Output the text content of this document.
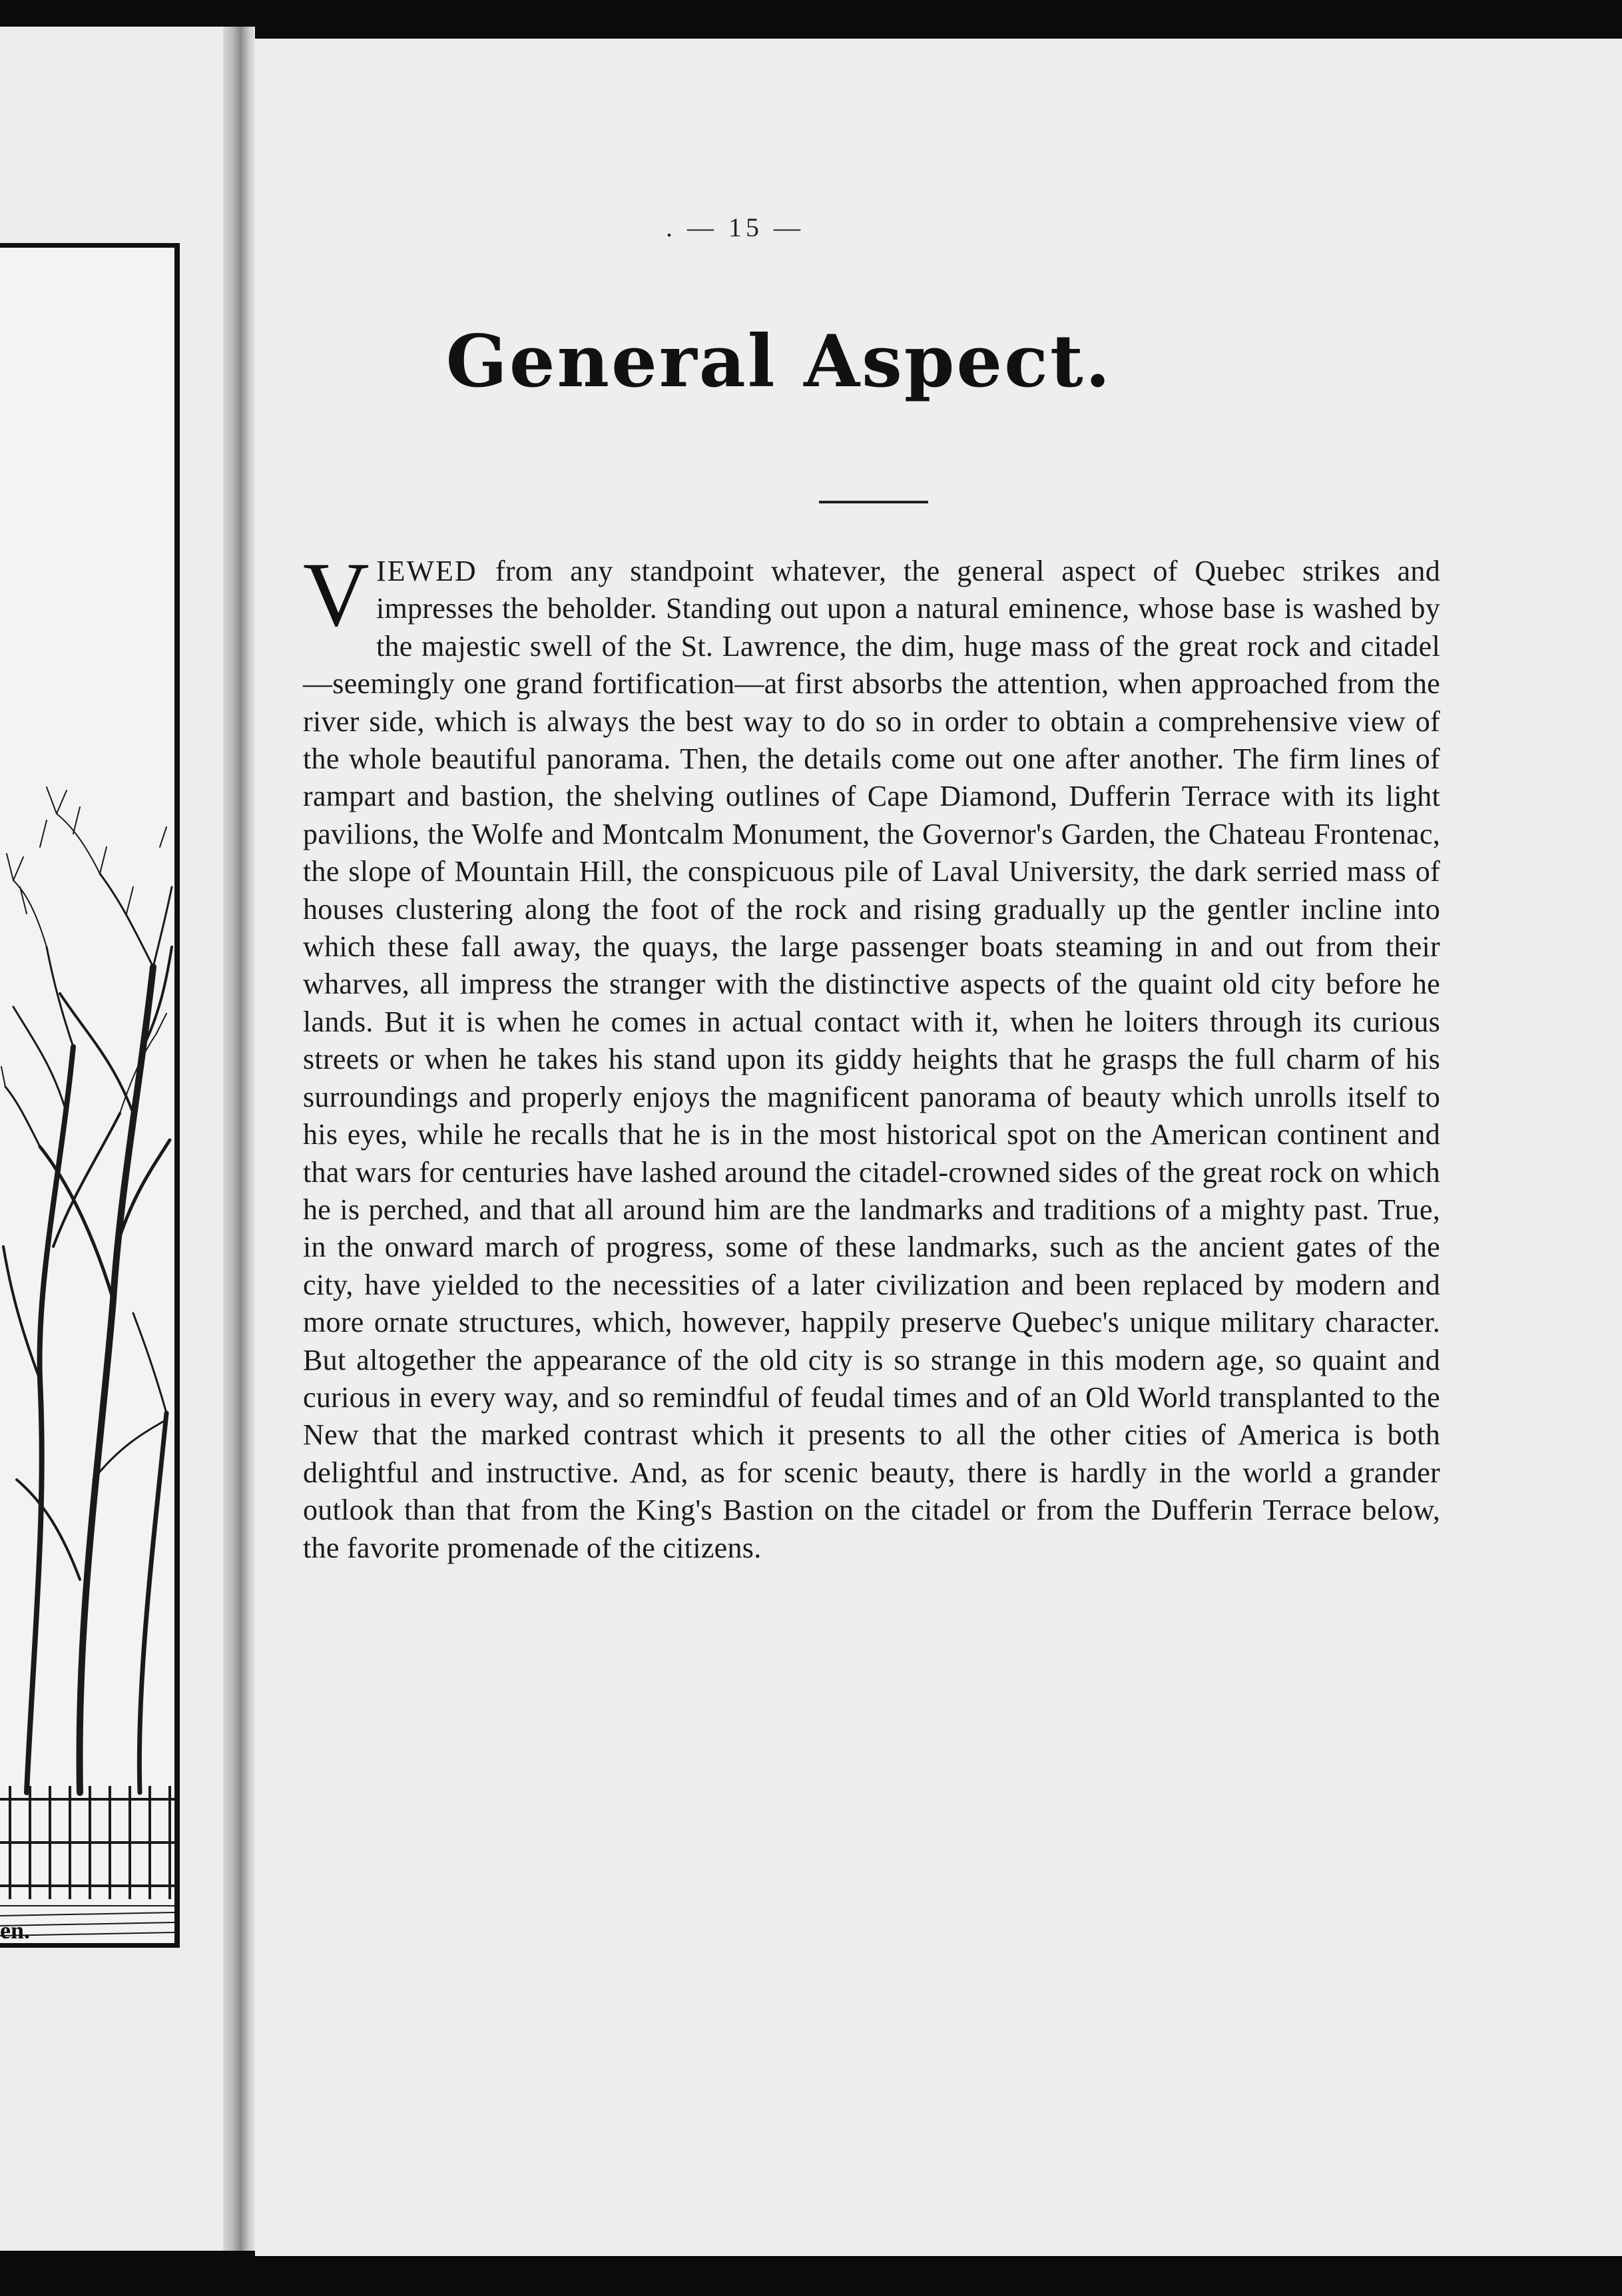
en.
. — 15 —
General Aspect.
V IEWED from any standpoint whatever, the general aspect of Quebec strikes and impresses the beholder. Standing out upon a natural eminence, whose base is washed by the majestic swell of the St. Lawrence, the dim, huge mass of the great rock and citadel—seemingly one grand fortification—at first absorbs the attention, when approached from the river side, which is always the best way to do so in order to obtain a comprehensive view of the whole beautiful panorama. Then, the details come out one after another. The firm lines of rampart and bastion, the shelving outlines of Cape Diamond, Dufferin Terrace with its light pavilions, the Wolfe and Montcalm Monument, the Governor's Garden, the Chateau Frontenac, the slope of Mountain Hill, the conspicuous pile of Laval University, the dark serried mass of houses clustering along the foot of the rock and rising gradually up the gentler incline into which these fall away, the quays, the large passenger boats steaming in and out from their wharves, all impress the stranger with the distinctive aspects of the quaint old city before he lands. But it is when he comes in actual contact with it, when he loiters through its curious streets or when he takes his stand upon its giddy heights that he grasps the full charm of his surroundings and properly enjoys the magnificent panorama of beauty which unrolls itself to his eyes, while he recalls that he is in the most historical spot on the American continent and that wars for centuries have lashed around the citadel-crowned sides of the great rock on which he is perched, and that all around him are the landmarks and traditions of a mighty past. True, in the onward march of progress, some of these landmarks, such as the ancient gates of the city, have yielded to the necessities of a later civilization and been replaced by modern and more ornate structures, which, however, happily preserve Quebec's unique military character. But altogether the appearance of the old city is so strange in this modern age, so quaint and curious in every way, and so remindful of feudal times and of an Old World transplanted to the New that the marked contrast which it presents to all the other cities of America is both delightful and instructive. And, as for scenic beauty, there is hardly in the world a grander outlook than that from the King's Bastion on the citadel or from the Dufferin Terrace below, the favorite promenade of the citizens.
